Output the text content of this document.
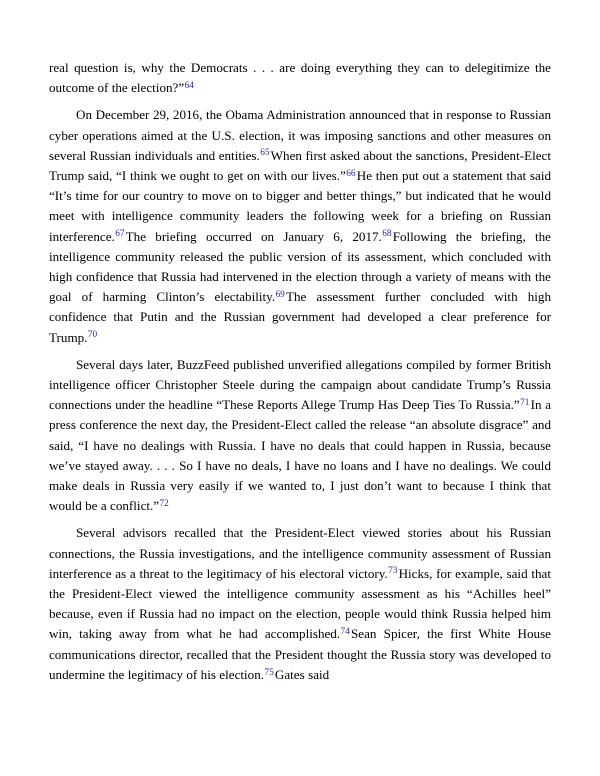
real question is, why the Democrats . . . are doing everything they can to delegitimize the outcome of the election?”$^{64}$

On December 29, 2016, the Obama Administration announced that in response to Russian cyber operations aimed at the U.S. election, it was imposing sanctions and other measures on several Russian individuals and entities.$^{65}$When first asked about the sanctions, President-Elect Trump said, “I think we ought to get on with our lives.”$^{66}$He then put out a statement that said “It’s time for our country to move on to bigger and better things,” but indicated that he would meet with intelligence community leaders the following week for a briefing on Russian interference.$^{67}$The briefing occurred on January 6, 2017.68Following the briefing, the intelligence community released the public version of its assessment, which concluded with high confidence that Russia had intervened in the election through a variety of means with the goal of harming Clinton’s electability.$^{69}$The assessment further concluded with high confidence that Putin and the Russian government had developed a clear preference for Trump.$^{70}$

Several days later, BuzzFeed published unverified allegations compiled by former British intelligence officer Christopher Steele during the campaign about candidate Trump’s Russia connections under the headline “These Reports Allege Trump Has Deep Ties To Russia.”$^{71}$In a press conference the next day, the President-Elect called the release “an absolute disgrace” and said, “I have no dealings with Russia. I have no deals that could happen in Russia, because we’ve stayed away. . . . So I have no deals, I have no loans and I have no dealings. We could make deals in Russia very easily if we wanted to, I just don’t want to because I think that would be a conflict.”$^{72}$

Several advisors recalled that the President-Elect viewed stories about his Russian connections, the Russia investigations, and the intelligence community assessment of Russian interference as a threat to the legitimacy of his electoral victory.$^{73}$Hicks, for example, said that the President-Elect viewed the intelligence community assessment as his “Achilles heel” because, even if Russia had no impact on the election, people would think Russia helped him win, taking away from what he had accomplished.$^{74}$Sean Spicer, the first White House communications director, recalled that the President thought the Russia story was developed to undermine the legitimacy of his election.$^{75}$Gates said
